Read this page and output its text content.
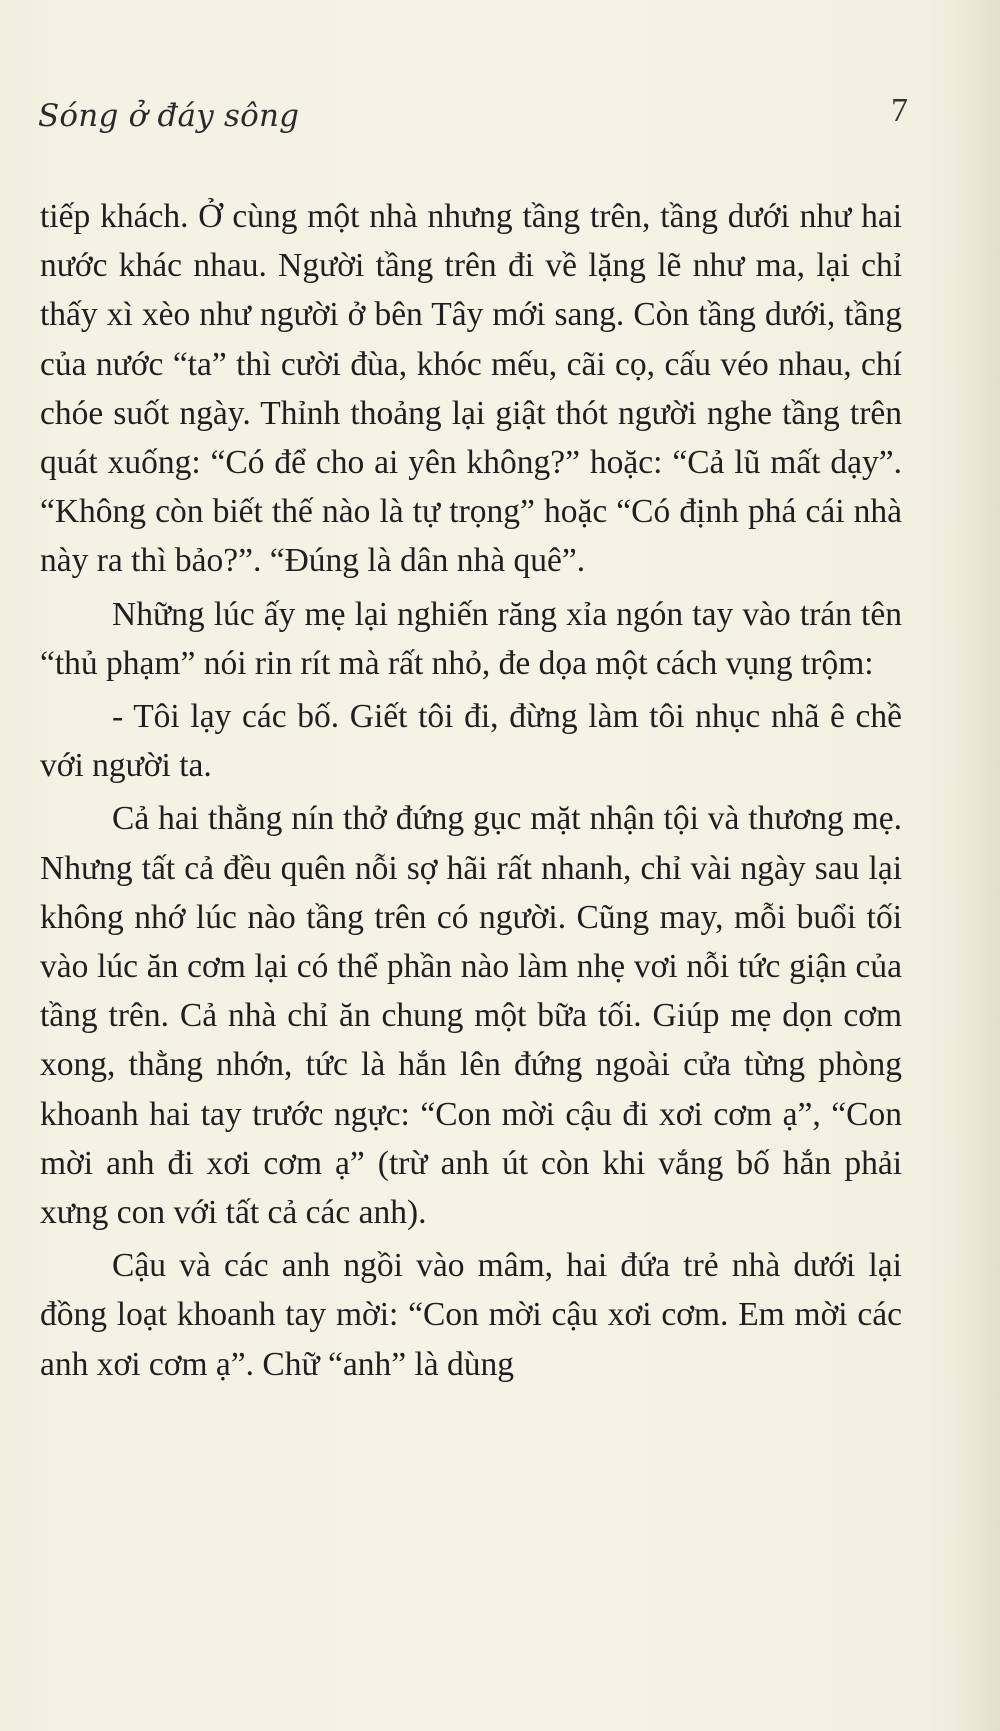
Sóng ở đáy sông	7

tiếp khách. Ở cùng một nhà nhưng tầng trên, tầng dưới như hai nước khác nhau. Người tầng trên đi về lặng lẽ như ma, lại chỉ thấy xì xèo như người ở bên Tây mới sang. Còn tầng dưới, tầng của nước “ta” thì cười đùa, khóc mếu, cãi cọ, cấu véo nhau, chí chóe suốt ngày. Thỉnh thoảng lại giật thót người nghe tầng trên quát xuống: “Có để cho ai yên không?” hoặc: “Cả lũ mất dạy”. “Không còn biết thế nào là tự trọng” hoặc “Có định phá cái nhà này ra thì bảo?”. “Đúng là dân nhà quê”.

Những lúc ấy mẹ lại nghiến răng xỉa ngón tay vào trán tên “thủ phạm” nói rin rít mà rất nhỏ, đe dọa một cách vụng trộm:

- Tôi lạy các bố. Giết tôi đi, đừng làm tôi nhục nhã ê chề với người ta.

Cả hai thằng nín thở đứng gục mặt nhận tội và thương mẹ. Nhưng tất cả đều quên nỗi sợ hãi rất nhanh, chỉ vài ngày sau lại không nhớ lúc nào tầng trên có người. Cũng may, mỗi buổi tối vào lúc ăn cơm lại có thể phần nào làm nhẹ vơi nỗi tức giận của tầng trên. Cả nhà chỉ ăn chung một bữa tối. Giúp mẹ dọn cơm xong, thằng nhớn, tức là hắn lên đứng ngoài cửa từng phòng khoanh hai tay trước ngực: “Con mời cậu đi xơi cơm ạ”, “Con mời anh đi xơi cơm ạ” (trừ anh út còn khi vắng bố hắn phải xưng con với tất cả các anh).

Cậu và các anh ngồi vào mâm, hai đứa trẻ nhà dưới lại đồng loạt khoanh tay mời: “Con mời cậu xơi cơm. Em mời các anh xơi cơm ạ”. Chữ “anh” là dùng
